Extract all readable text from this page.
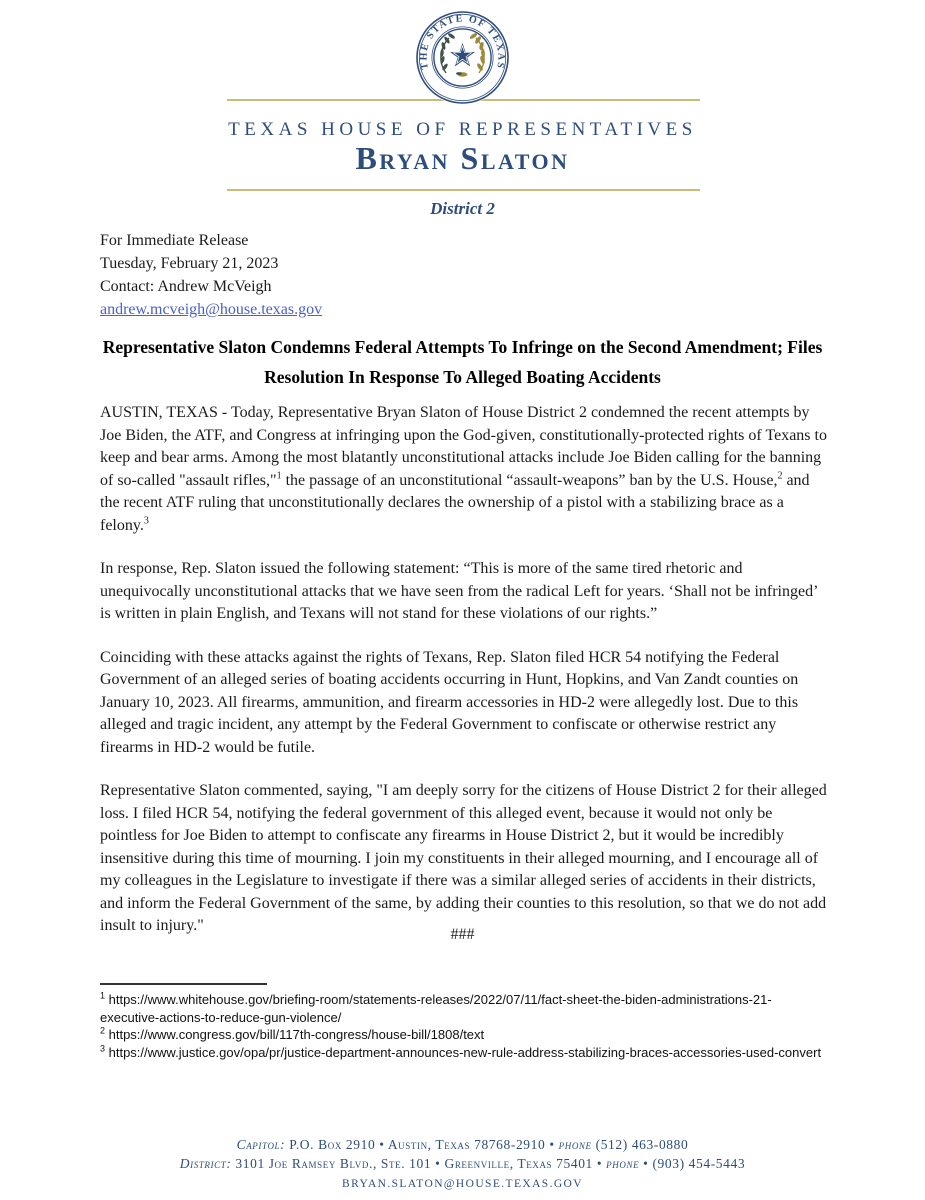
THE STATE OF TEXAS
TEXAS HOUSE OF REPRESENTATIVES
Bryan Slaton
District 2
For Immediate Release
Tuesday, February 21, 2023
Contact: Andrew McVeigh
andrew.mcveigh@house.texas.gov
Representative Slaton Condemns Federal Attempts To Infringe on the Second Amendment; Files Resolution In Response To Alleged Boating Accidents

AUSTIN, TEXAS - Today, Representative Bryan Slaton of House District 2 condemned the recent attempts by Joe Biden, the ATF, and Congress at infringing upon the God-given, constitutionally-protected rights of Texans to keep and bear arms. Among the most blatantly unconstitutional attacks include Joe Biden calling for the banning of so-called "assault rifles,"$^1$ the passage of an unconstitutional “assault-weapons” ban by the U.S. House,$^2$ and the recent ATF ruling that unconstitutionally declares the ownership of a pistol with a stabilizing brace as a felony.$^3$

In response, Rep. Slaton issued the following statement: “This is more of the same tired rhetoric and unequivocally unconstitutional attacks that we have seen from the radical Left for years. ‘Shall not be infringed’ is written in plain English, and Texans will not stand for these violations of our rights.”

Coinciding with these attacks against the rights of Texans, Rep. Slaton filed HCR 54 notifying the Federal Government of an alleged series of boating accidents occurring in Hunt, Hopkins, and Van Zandt counties on January 10, 2023. All firearms, ammunition, and firearm accessories in HD-2 were allegedly lost. Due to this alleged and tragic incident, any attempt by the Federal Government to confiscate or otherwise restrict any firearms in HD-2 would be futile.

Representative Slaton commented, saying, "I am deeply sorry for the citizens of House District 2 for their alleged loss. I filed HCR 54, notifying the federal government of this alleged event, because it would not only be pointless for Joe Biden to attempt to confiscate any firearms in House District 2, but it would be incredibly insensitive during this time of mourning. I join my constituents in their alleged mourning, and I encourage all of my colleagues in the Legislature to investigate if there was a similar alleged series of accidents in their districts, and inform the Federal Government of the same, by adding their counties to this resolution, so that we do not add insult to injury."

###
$^1$ https://www.whitehouse.gov/briefing-room/statements-releases/2022/07/11/fact-sheet-the-biden-administrations-21-executive-actions-to-reduce-gun-violence/
$^2$ https://www.congress.gov/bill/117th-congress/house-bill/1808/text
$^3$ https://www.justice.gov/opa/pr/justice-department-announces-new-rule-address-stabilizing-braces-accessories-used-convert
Capitol: P.O. Box 2910 • Austin, Texas 78768-2910 • phone (512) 463-0880
District: 3101 Joe Ramsey Blvd., Ste. 101 • Greenville, Texas 75401 • phone • (903) 454-5443
BRYAN.SLATON@HOUSE.TEXAS.GOV
